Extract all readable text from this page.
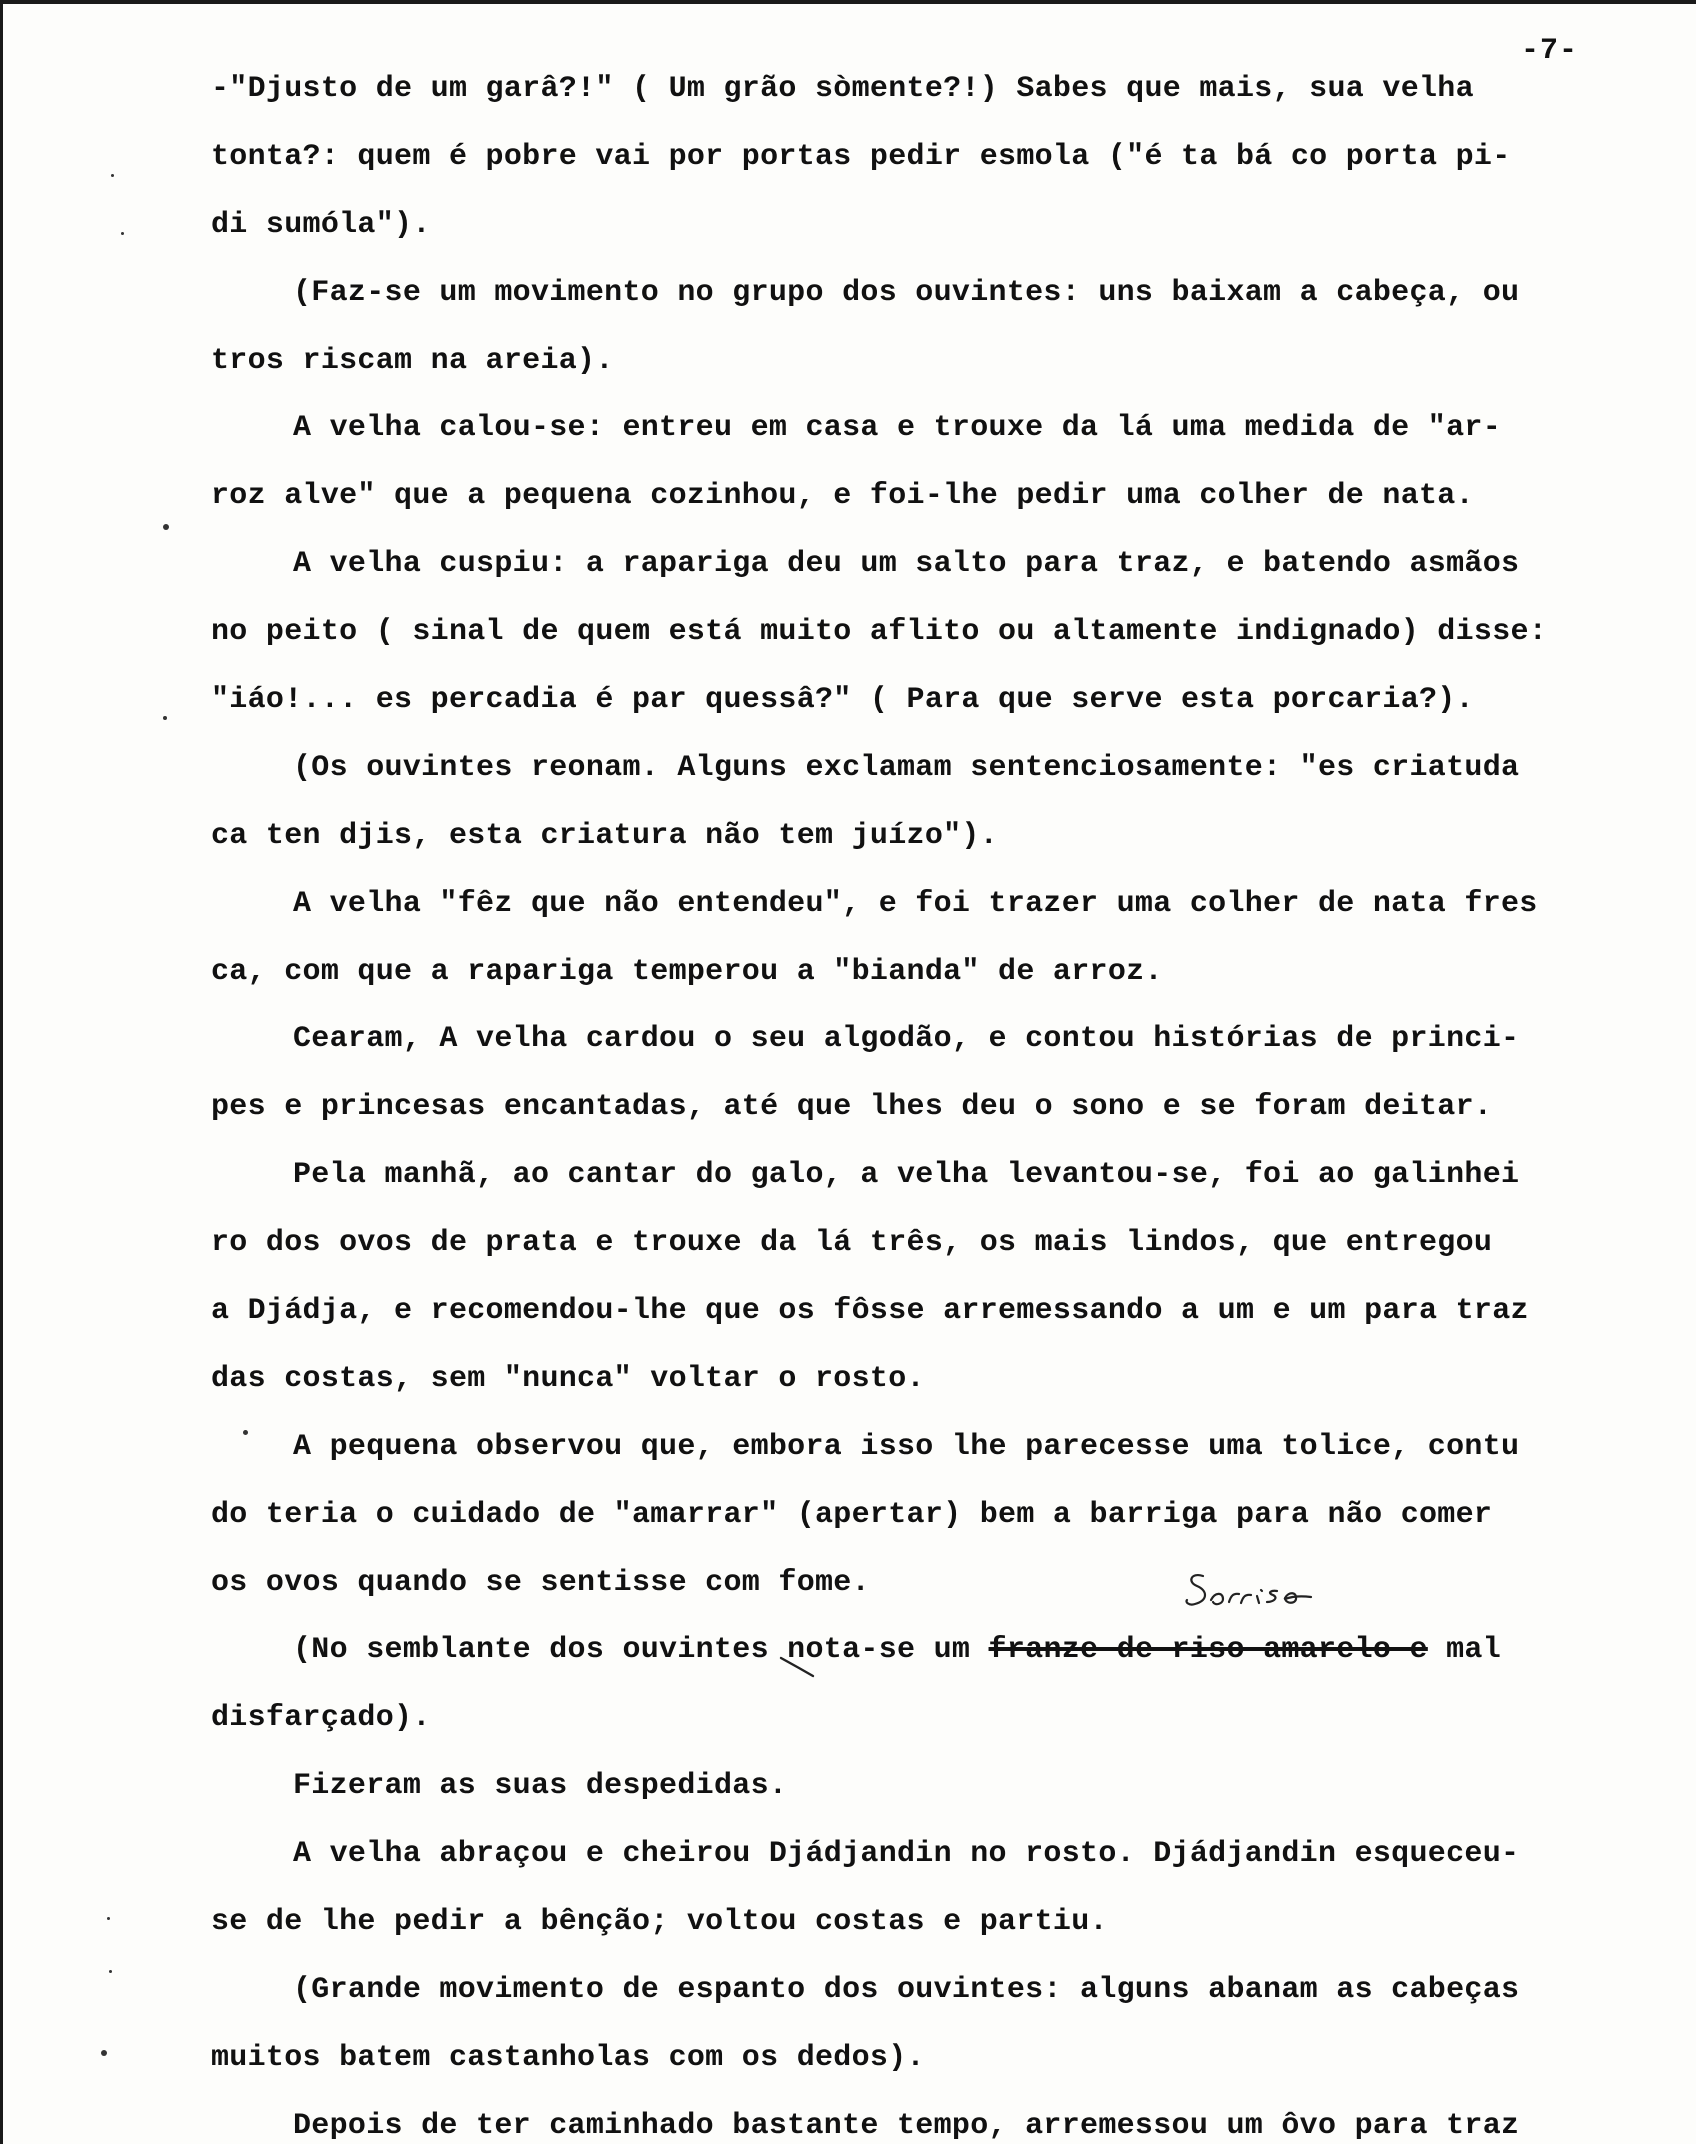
-7-
-"Djusto de um garâ?!" ( Um grão sòmente?!) Sabes que mais, sua velha
tonta?: quem é pobre vai por portas pedir esmola ("é ta bá co porta pi-
di sumóla").
(Faz-se um movimento no grupo dos ouvintes: uns baixam a cabeça, ou
tros riscam na areia).
A velha calou-se: entreu em casa e trouxe da lá uma medida de "ar-
roz alve" que a pequena cozinhou, e foi-lhe pedir uma colher de nata.
A velha cuspiu: a rapariga deu um salto para traz, e batendo asmãos
no peito ( sinal de quem está muito aflito ou altamente indignado) disse:
"iáo!... es percadia é par quessâ?" ( Para que serve esta porcaria?).
(Os ouvintes reonam. Alguns exclamam sentenciosamente: "es criatuda
ca ten djis, esta criatura não tem juízo").
A velha "fêz que não entendeu", e foi trazer uma colher de nata fres
ca, com que a rapariga temperou a "bianda" de arroz.
Cearam, A velha cardou o seu algodão, e contou histórias de princi-
pes e princesas encantadas, até que lhes deu o sono e se foram deitar.
Pela manhã, ao cantar do galo, a velha levantou-se, foi ao galinhei
ro dos ovos de prata e trouxe da lá três, os mais lindos, que entregou
a Djádja, e recomendou-lhe que os fôsse arremessando a um e um para traz
das costas, sem "nunca" voltar o rosto.
A pequena observou que, embora isso lhe parecesse uma tolice, contu
do teria o cuidado de "amarrar" (apertar) bem a barriga para não comer
os ovos quando se sentisse com fome.
(No semblante dos ouvintes nota-se um franze de riso amarelo e mal
disfarçado).
Fizeram as suas despedidas.
A velha abraçou e cheirou Djádjandin no rosto. Djádjandin esqueceu-
se de lhe pedir a bênção; voltou costas e partiu.
(Grande movimento de espanto dos ouvintes: alguns abanam as cabeças
muitos batem castanholas com os dedos).
Depois de ter caminhado bastante tempo, arremessou um ôvo para traz
